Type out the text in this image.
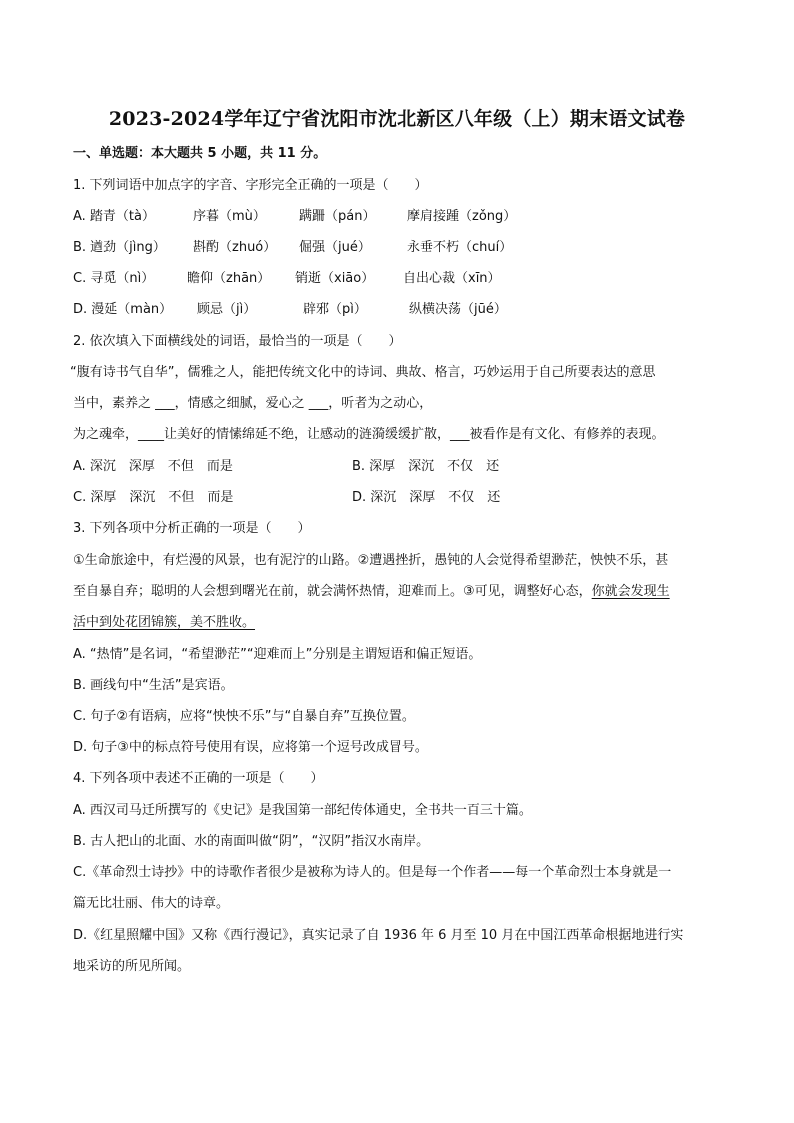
2023-2024学年辽宁省沈阳市沈北新区八年级（上）期末语文试卷
一、单选题：本大题共 5 小题，共 11 分。
1. 下列词语中加点字的字音、字形完全正确的一项是（　　）
A. 踏青（tà）	序暮（mù）	蹒跚（pán） 摩肩接踵（zǒng）
B. 遒劲（jìng） 斟酌（zhuó） 倔强（jué）	永垂不朽（chuí）
C. 寻觅（nì）	瞻仰（zhān） 销逝（xiāo） 自出心裁（xīn）
D. 漫延（màn） 顾忌（jì）	辟邪（pì）	纵横决荡（jūé）
2. 依次填入下面横线处的词语，最恰当的一项是（　　）
“腹有诗书气自华”，儒雅之人，能把传统文化中的诗词、典故、格言，巧妙运用于自己所要表达的意思
当中，素养之 ___，情感之细腻，爱心之 ___，听者为之动心，
为之魂牵，____让美好的情愫绵延不绝，让感动的涟漪缓缓扩散，___被看作是有文化、有修养的表现。
A. 深沉　深厚　不但　而是	B. 深厚　深沉　不仅　还
C. 深厚　深沉　不但　而是	D. 深沉　深厚　不仅　还
3. 下列各项中分析正确的一项是（　　）
①生命旅途中，有烂漫的风景，也有泥泞的山路。②遭遇挫折，愚钝的人会觉得希望渺茫，怏怏不乐，甚
至自暴自弃；聪明的人会想到曙光在前，就会满怀热情，迎难而上。③可见，调整好心态，你就会发现生
活中到处花团锦簇，美不胜收。
A. “热情”是名词，“希望渺茫”“迎难而上”分别是主谓短语和偏正短语。
B. 画线句中“生活”是宾语。
C. 句子②有语病，应将“怏怏不乐”与“自暴自弃”互换位置。
D. 句子③中的标点符号使用有误，应将第一个逗号改成冒号。
4. 下列各项中表述不正确的一项是（　　）
A. 西汉司马迁所撰写的《史记》是我国第一部纪传体通史，全书共一百三十篇。
B. 古人把山的北面、水的南面叫做“阴”，“汉阴”指汉水南岸。
C.《革命烈士诗抄》中的诗歌作者很少是被称为诗人的。但是每一个作者——每一个革命烈士本身就是一
篇无比壮丽、伟大的诗章。
D.《红星照耀中国》又称《西行漫记》，真实记录了自 1936 年 6 月至 10 月在中国江西革命根据地进行实
地采访的所见所闻。
